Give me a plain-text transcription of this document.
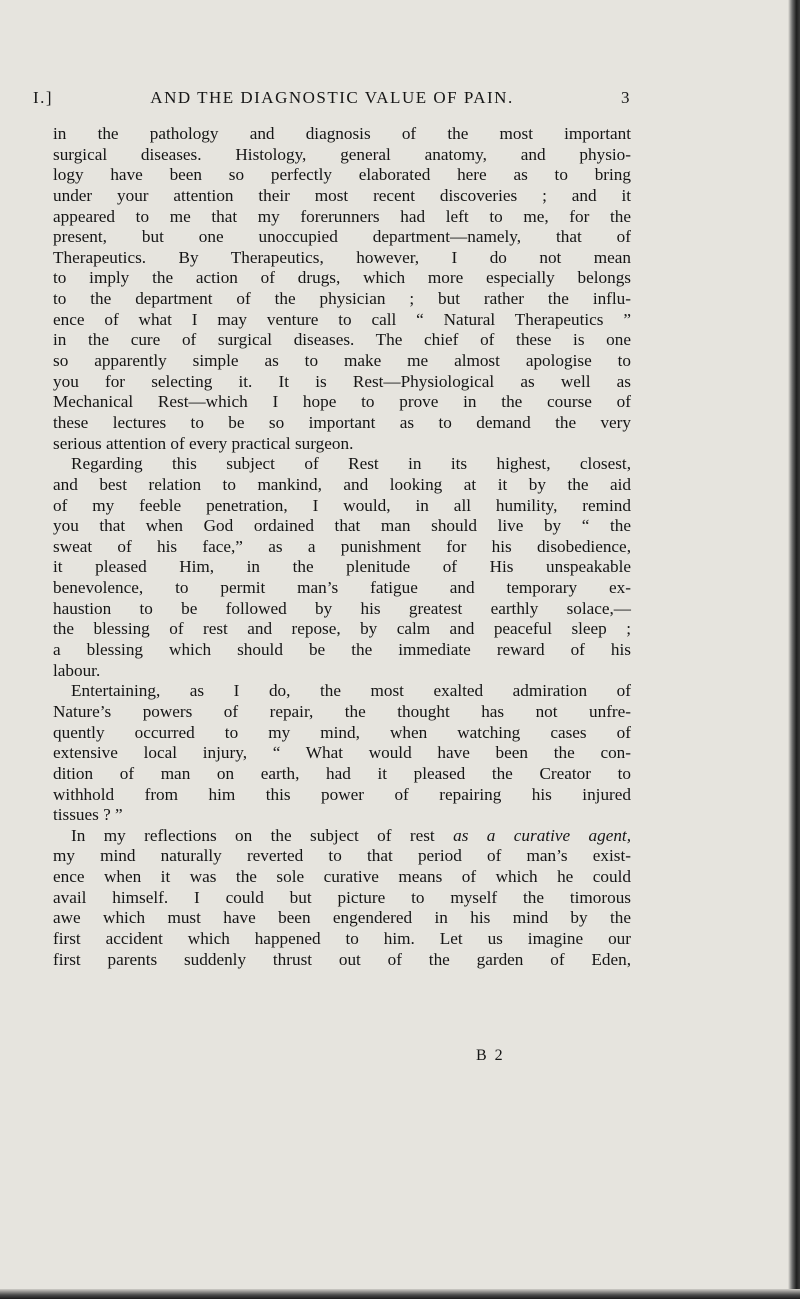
I.]	AND THE DIAGNOSTIC VALUE OF PAIN.	3
in the pathology and diagnosis of the most important
surgical diseases. Histology, general anatomy, and physio-
logy have been so perfectly elaborated here as to bring
under your attention their most recent discoveries ; and it
appeared to me that my forerunners had left to me, for the
present, but one unoccupied department—namely, that of
Therapeutics. By Therapeutics, however, I do not mean
to imply the action of drugs, which more especially belongs
to the department of the physician ; but rather the influ-
ence of what I may venture to call “ Natural Therapeutics ”
in the cure of surgical diseases. The chief of these is one
so apparently simple as to make me almost apologise to
you for selecting it. It is Rest—Physiological as well as
Mechanical Rest—which I hope to prove in the course of
these lectures to be so important as to demand the very
serious attention of every practical surgeon.
Regarding this subject of Rest in its highest, closest,
and best relation to mankind, and looking at it by the aid
of my feeble penetration, I would, in all humility, remind
you that when God ordained that man should live by “ the
sweat of his face,” as a punishment for his disobedience,
it pleased Him, in the plenitude of His unspeakable
benevolence, to permit man’s fatigue and temporary ex-
haustion to be followed by his greatest earthly solace,—
the blessing of rest and repose, by calm and peaceful sleep ;
a blessing which should be the immediate reward of his
labour.
Entertaining, as I do, the most exalted admiration of
Nature’s powers of repair, the thought has not unfre-
quently occurred to my mind, when watching cases of
extensive local injury, “ What would have been the con-
dition of man on earth, had it pleased the Creator to
withhold from him this power of repairing his injured
tissues ? ”
In my reflections on the subject of rest as a curative agent,
my mind naturally reverted to that period of man’s exist-
ence when it was the sole curative means of which he could
avail himself. I could but picture to myself the timorous
awe which must have been engendered in his mind by the
first accident which happened to him. Let us imagine our
first parents suddenly thrust out of the garden of Eden,
B 2
